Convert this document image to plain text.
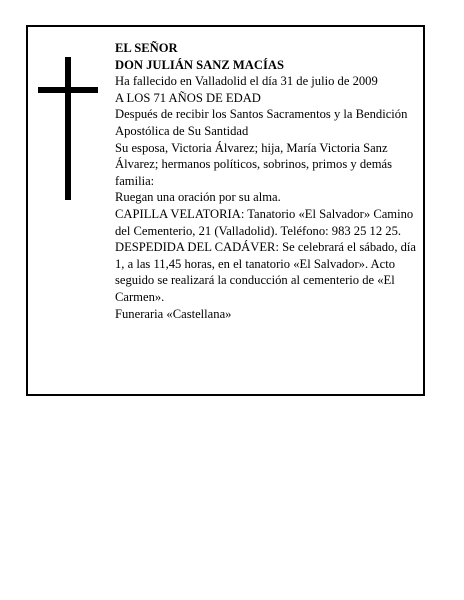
EL SEÑOR

DON JULIÁN SANZ MACÍAS

Ha fallecido en Valladolid el día 31 de julio de 2009

A LOS 71 AÑOS DE EDAD

Después de recibir los Santos Sacramentos y la Bendición Apostólica de Su Santidad

Su esposa, Victoria Álvarez; hija, María Victoria Sanz Álvarez; hermanos políticos, sobrinos, primos y demás familia:

Ruegan una oración por su alma.

CAPILLA VELATORIA: Tanatorio «El Salvador» Camino del Cementerio, 21 (Valladolid). Teléfono: 983 25 12 25.

DESPEDIDA DEL CADÁVER: Se celebrará el sábado, día 1, a las 11,45 horas, en el tanatorio «El Salvador». Acto seguido se realizará la conducción al cementerio de «El Carmen».

Funeraria «Castellana»
